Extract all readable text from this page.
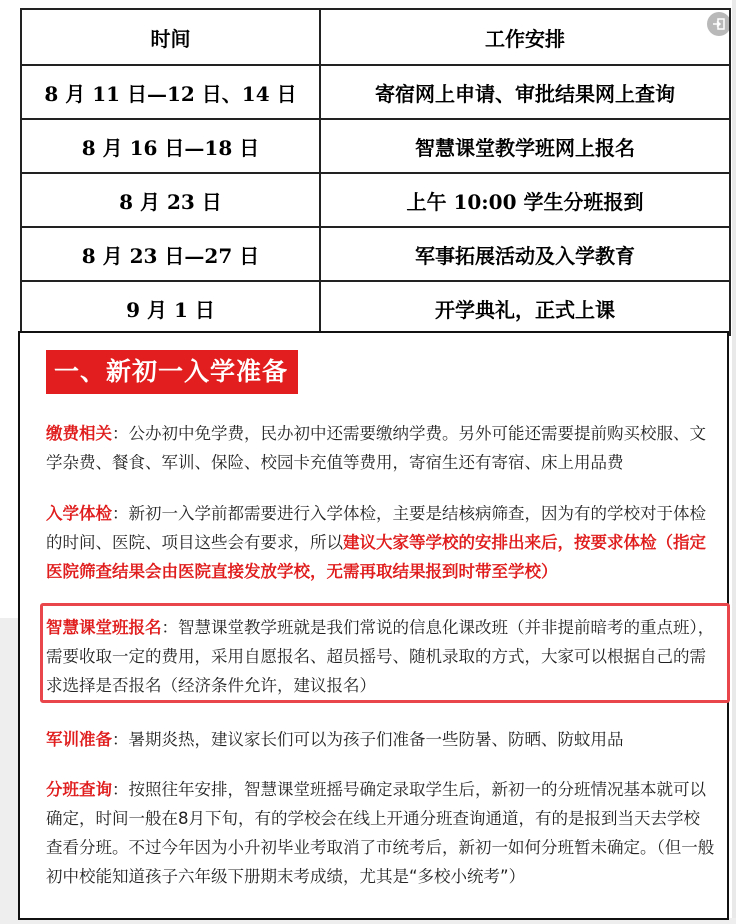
时间	工作安排
8 月 11 日—12 日、14 日	寄宿网上申请、审批结果网上查询
8 月 16 日—18 日	智慧课堂教学班网上报名
8 月 23 日	上午 10:00 学生分班报到
8 月 23 日—27 日	军事拓展活动及入学教育
9 月 1 日	开学典礼，正式上课
一、新初一入学准备
缴费相关：公办初中免学费，民办初中还需要缴纳学费。另外可能还需要提前购买校服、文学杂费、餐食、军训、保险、校园卡充值等费用，寄宿生还有寄宿、床上用品费
入学体检：新初一入学前都需要进行入学体检，主要是结核病筛查，因为有的学校对于体检的时间、医院、项目这些会有要求，所以建议大家等学校的安排出来后，按要求体检（指定医院筛查结果会由医院直接发放学校，无需再取结果报到时带至学校）
智慧课堂班报名：智慧课堂教学班就是我们常说的信息化课改班（并非提前暗考的重点班），需要收取一定的费用，采用自愿报名、超员摇号、随机录取的方式，大家可以根据自己的需求选择是否报名（经济条件允许，建议报名）
军训准备：暑期炎热，建议家长们可以为孩子们准备一些防暑、防晒、防蚊用品
分班查询：按照往年安排，智慧课堂班摇号确定录取学生后，新初一的分班情况基本就可以确定，时间一般在8月下旬，有的学校会在线上开通分班查询通道，有的是报到当天去学校查看分班。不过今年因为小升初毕业考取消了市统考后，新初一如何分班暂未确定。（但一般初中校能知道孩子六年级下册期末考成绩，尤其是“多校小统考”）
